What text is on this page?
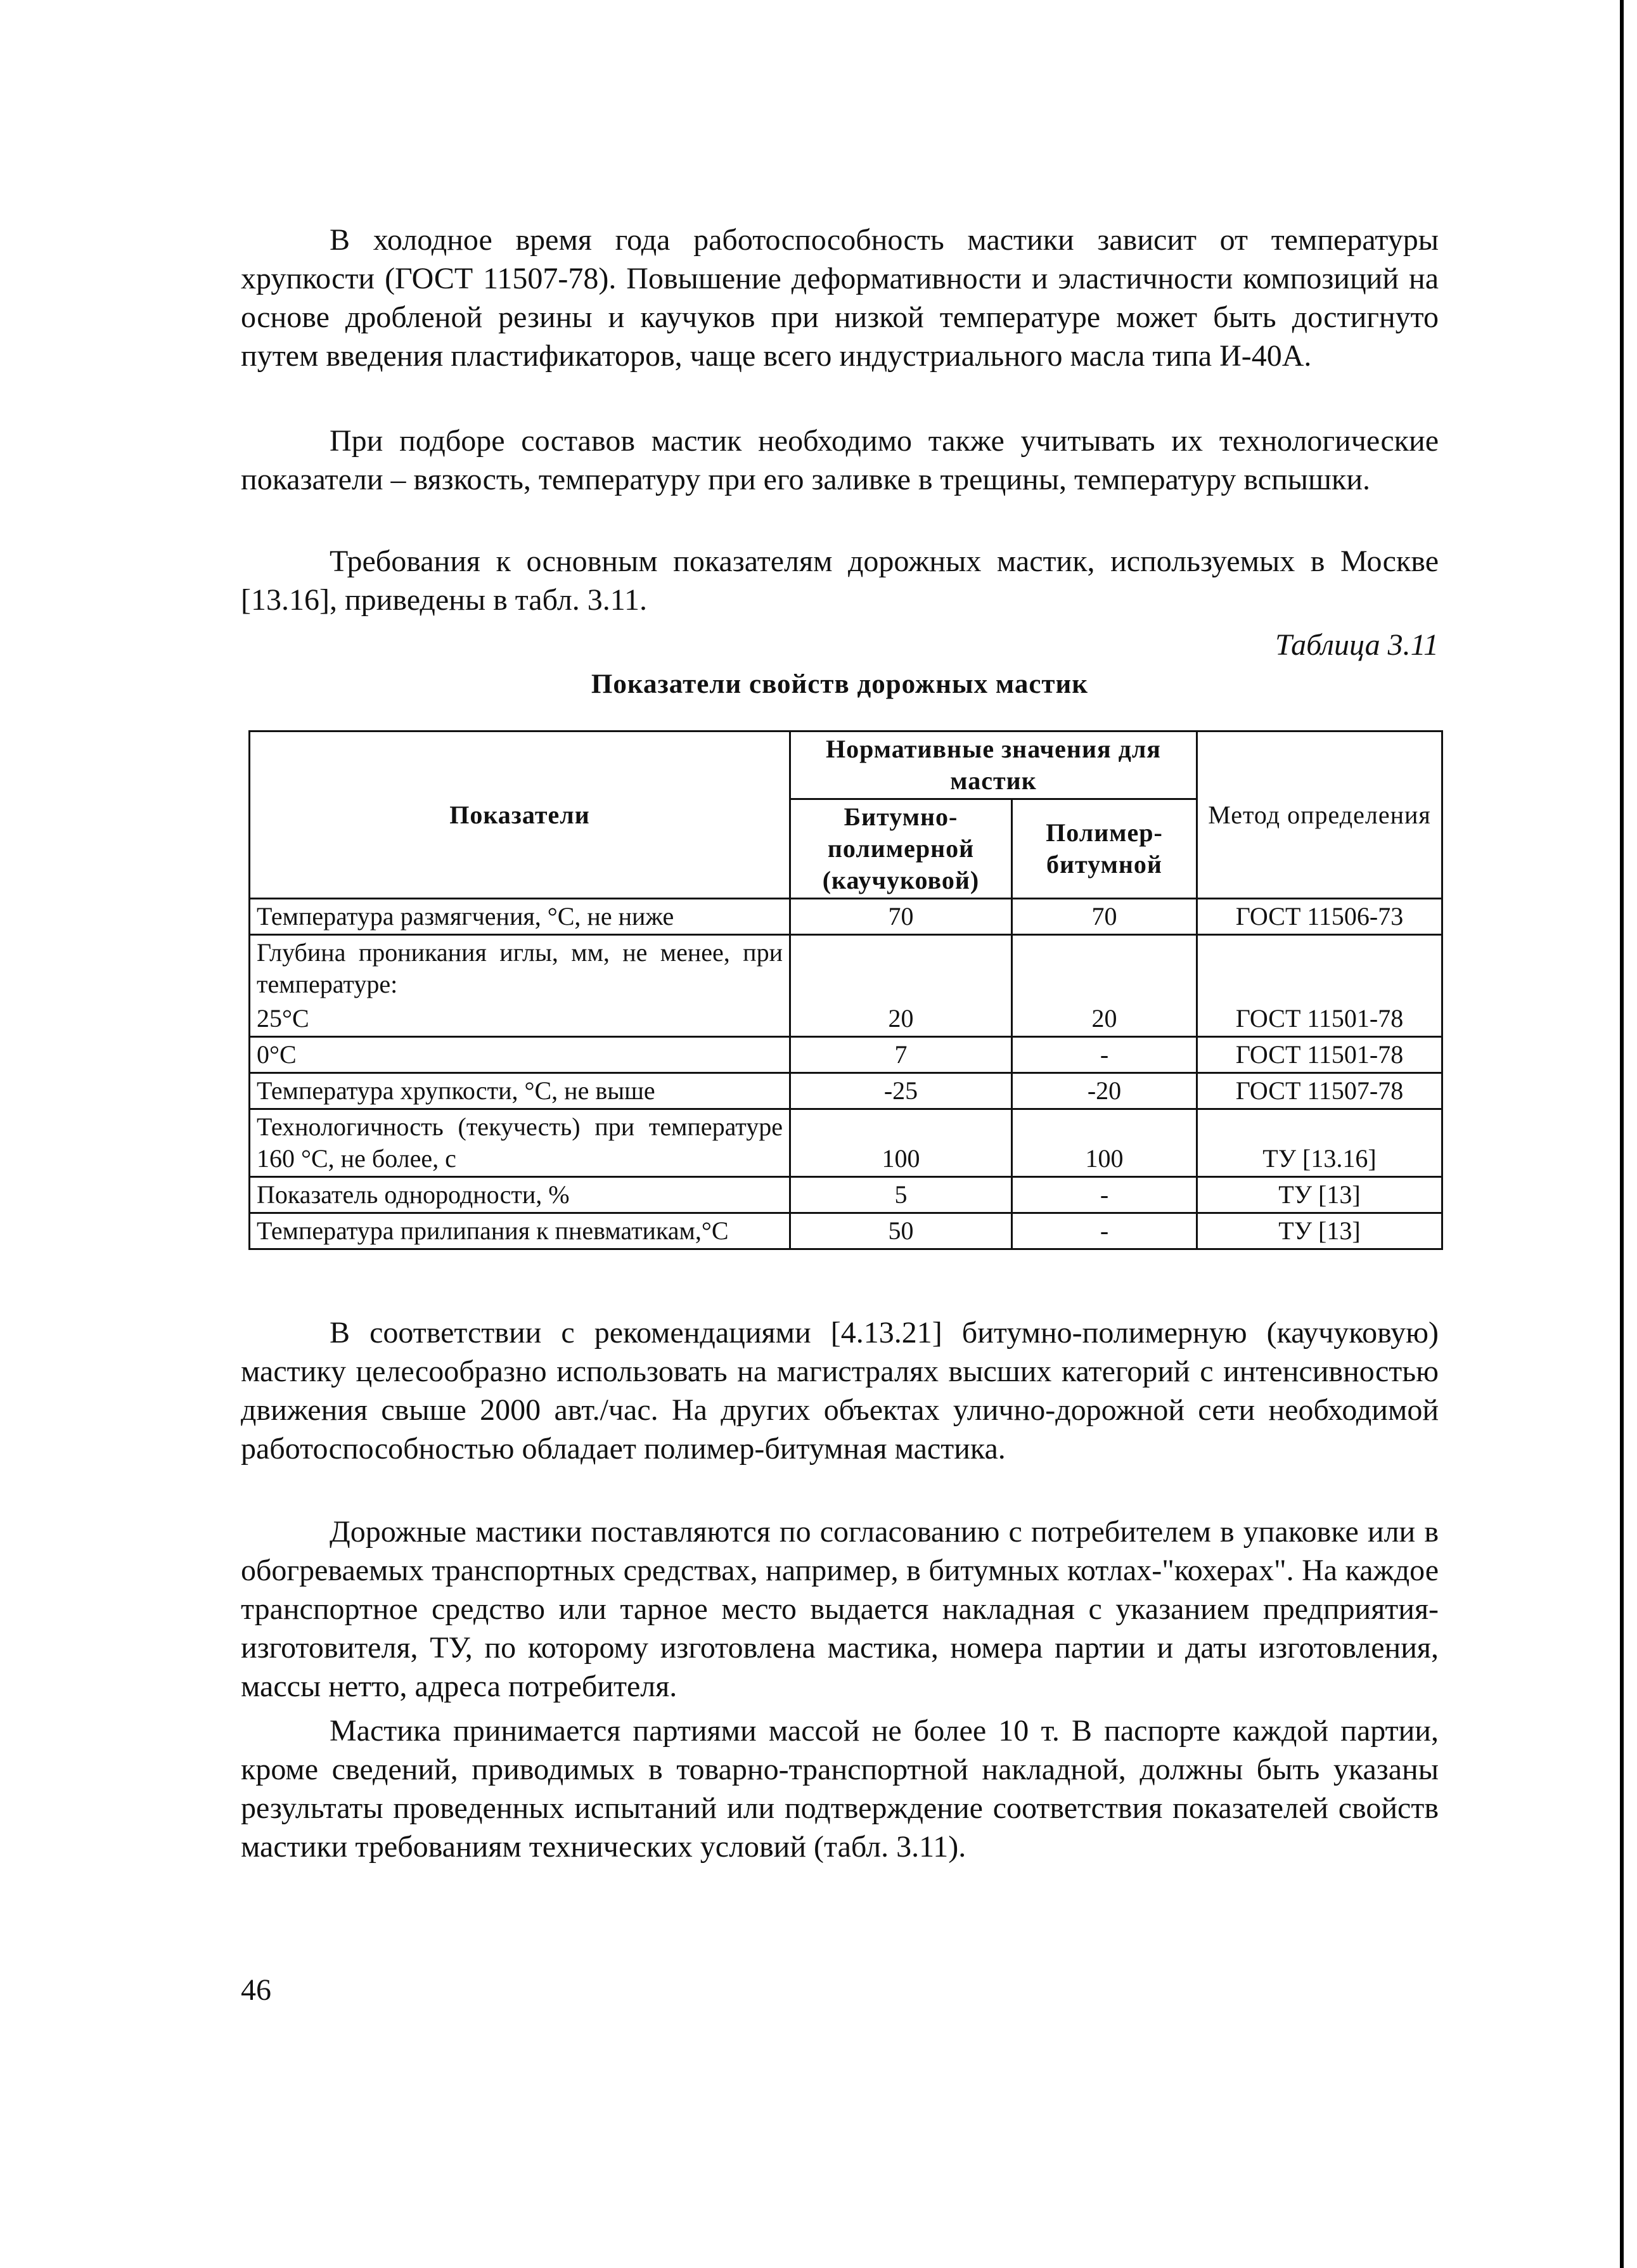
В холодное время года работоспособность мастики зависит от температуры хрупкости (ГОСТ 11507-78). Повышение деформативности и эластичности композиций на основе дробленой резины и каучуков при низкой температуре может быть достигнуто путем введения пластификаторов, чаще всего индустриального масла типа И-40А.

При подборе составов мастик необходимо также учитывать их технологические показатели – вязкость, температуру при его заливке в трещины, температуру вспышки.

Требования к основным показателям дорожных мастик, используемых в Москве [13.16], приведены в табл. 3.11.

Таблица 3.11

Показатели свойств дорожных мастик

Показатели	Нормативные значения для мастик		Метод определения
	Битумно-полимерной (каучуковой)	Полимер-битумной	
Температура размягчения, °С, не ниже	70	70	ГОСТ 11506-73
Глубина проникания иглы, мм, не менее, при температуре:			
25°С	20	20	ГОСТ 11501-78
0°С	7	-	ГОСТ 11501-78
Температура хрупкости, °С, не выше	-25	-20	ГОСТ 11507-78
Технологичность (текучесть) при температуре 160 °С, не более, с	100	100	ТУ [13.16]
Показатель однородности, %	5	-	ТУ [13]
Температура прилипания к пневматикам,°С	50	-	ТУ [13]

В соответствии с рекомендациями [4.13.21] битумно-полимерную (каучуковую) мастику целесообразно использовать на магистралях высших категорий с интенсивностью движения свыше 2000 авт./час. На других объектах улично-дорожной сети необходимой работоспособностью обладает полимер-битумная мастика.

Дорожные мастики поставляются по согласованию с потребителем в упаковке или в обогреваемых транспортных средствах, например, в битумных котлах-"кохерах". На каждое транспортное средство или тарное место выдается накладная с указанием предприятия-изготовителя, ТУ, по которому изготовлена мастика, номера партии и даты изготовления, массы нетто, адреса потребителя.

Мастика принимается партиями массой не более 10 т. В паспорте каждой партии, кроме сведений, приводимых в товарно-транспортной накладной, должны быть указаны результаты проведенных испытаний или подтверждение соответствия показателей свойств мастики требованиям технических условий (табл. 3.11).

46
